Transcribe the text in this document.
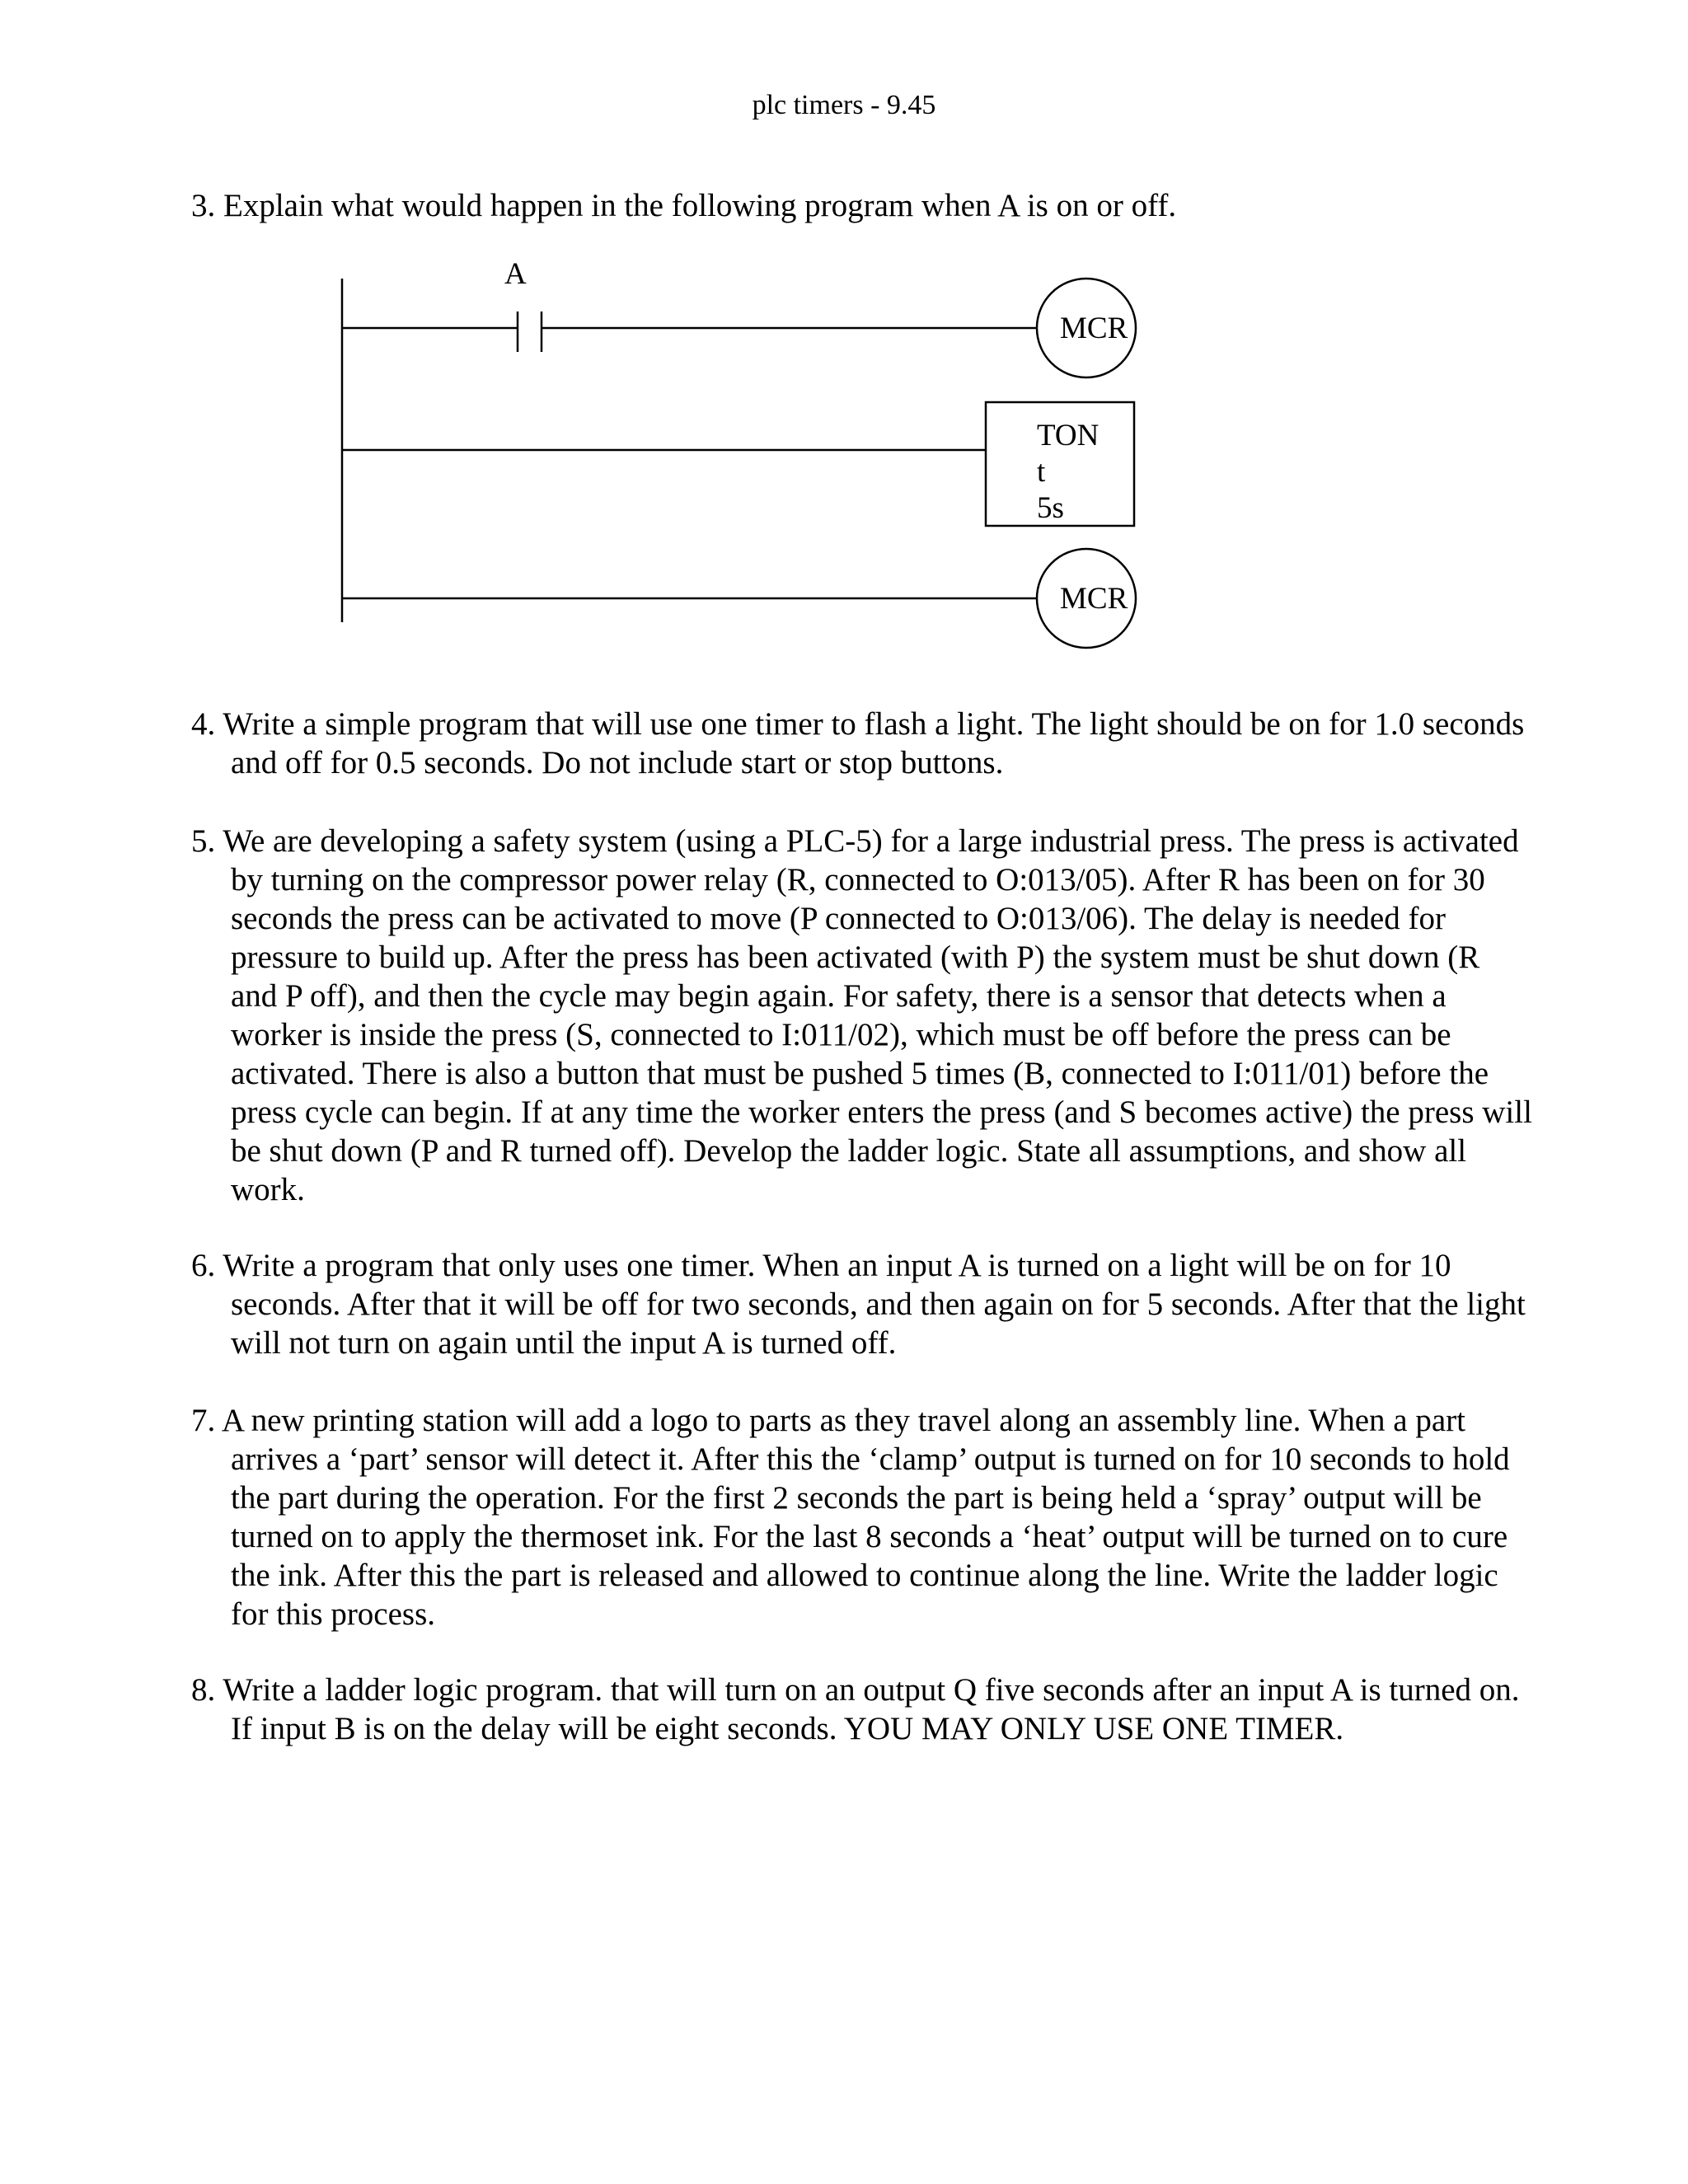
plc timers - 9.45
3. Explain what would happen in the following program when A is on or off.
A
MCR
TON
t
5s
MCR
4. Write a simple program that will use one timer to flash a light. The light should be on for 1.0 seconds and off for 0.5 seconds. Do not include start or stop buttons.
5. We are developing a safety system (using a PLC-5) for a large industrial press. The press is activated by turning on the compressor power relay (R, connected to O:013/05). After R has been on for 30 seconds the press can be activated to move (P connected to O:013/06). The delay is needed for pressure to build up. After the press has been activated (with P) the system must be shut down (R and P off), and then the cycle may begin again. For safety, there is a sensor that detects when a worker is inside the press (S, connected to I:011/02), which must be off before the press can be activated. There is also a button that must be pushed 5 times (B, connected to I:011/01) before the press cycle can begin. If at any time the worker enters the press (and S becomes active) the press will be shut down (P and R turned off). Develop the ladder logic. State all assumptions, and show all work.
6. Write a program that only uses one timer. When an input A is turned on a light will be on for 10 seconds. After that it will be off for two seconds, and then again on for 5 seconds. After that the light will not turn on again until the input A is turned off.
7. A new printing station will add a logo to parts as they travel along an assembly line. When a part arrives a ‘part’ sensor will detect it. After this the ‘clamp’ output is turned on for 10 seconds to hold the part during the operation. For the first 2 seconds the part is being held a ‘spray’ output will be turned on to apply the thermoset ink. For the last 8 seconds a ‘heat’ output will be turned on to cure the ink. After this the part is released and allowed to continue along the line. Write the ladder logic for this process.
8. Write a ladder logic program. that will turn on an output Q five seconds after an input A is turned on. If input B is on the delay will be eight seconds. YOU MAY ONLY USE ONE TIMER.
